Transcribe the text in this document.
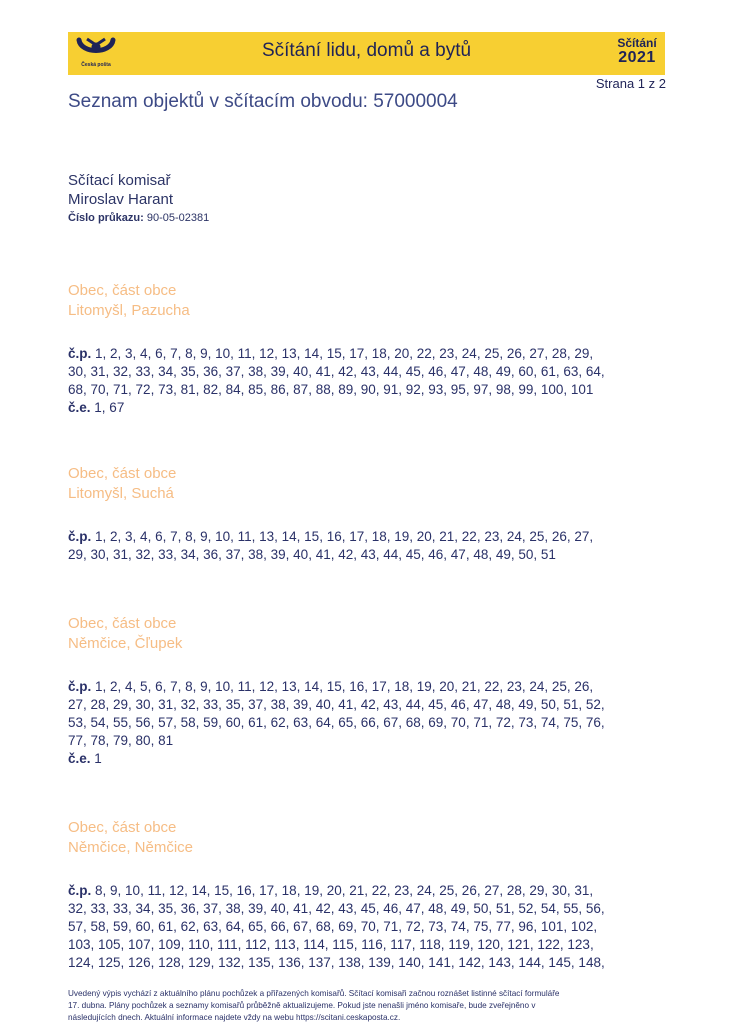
Česká pošta
Sčítání lidu, domů a bytů	Sčítání
2021
Strana 1 z 2
Seznam objektů v sčítacím obvodu: 57000004
Sčítací komisař
Miroslav Harant
Číslo průkazu: 90-05-02381
Obec, část obce
Litomyšl, Pazucha
č.p. 1, 2, 3, 4, 6, 7, 8, 9, 10, 11, 12, 13, 14, 15, 17, 18, 20, 22, 23, 24, 25, 26, 27, 28, 29,
30, 31, 32, 33, 34, 35, 36, 37, 38, 39, 40, 41, 42, 43, 44, 45, 46, 47, 48, 49, 60, 61, 63, 64,
68, 70, 71, 72, 73, 81, 82, 84, 85, 86, 87, 88, 89, 90, 91, 92, 93, 95, 97, 98, 99, 100, 101
č.e. 1, 67
Obec, část obce
Litomyšl, Suchá
č.p. 1, 2, 3, 4, 6, 7, 8, 9, 10, 11, 13, 14, 15, 16, 17, 18, 19, 20, 21, 22, 23, 24, 25, 26, 27,
29, 30, 31, 32, 33, 34, 36, 37, 38, 39, 40, 41, 42, 43, 44, 45, 46, 47, 48, 49, 50, 51
Obec, část obce
Němčice, Čľupek
č.p. 1, 2, 4, 5, 6, 7, 8, 9, 10, 11, 12, 13, 14, 15, 16, 17, 18, 19, 20, 21, 22, 23, 24, 25, 26,
27, 28, 29, 30, 31, 32, 33, 35, 37, 38, 39, 40, 41, 42, 43, 44, 45, 46, 47, 48, 49, 50, 51, 52,
53, 54, 55, 56, 57, 58, 59, 60, 61, 62, 63, 64, 65, 66, 67, 68, 69, 70, 71, 72, 73, 74, 75, 76,
77, 78, 79, 80, 81
č.e. 1
Obec, část obce
Němčice, Němčice
č.p. 8, 9, 10, 11, 12, 14, 15, 16, 17, 18, 19, 20, 21, 22, 23, 24, 25, 26, 27, 28, 29, 30, 31,
32, 33, 33, 34, 35, 36, 37, 38, 39, 40, 41, 42, 43, 45, 46, 47, 48, 49, 50, 51, 52, 54, 55, 56,
57, 58, 59, 60, 61, 62, 63, 64, 65, 66, 67, 68, 69, 70, 71, 72, 73, 74, 75, 77, 96, 101, 102,
103, 105, 107, 109, 110, 111, 112, 113, 114, 115, 116, 117, 118, 119, 120, 121, 122, 123,
124, 125, 126, 128, 129, 132, 135, 136, 137, 138, 139, 140, 141, 142, 143, 144, 145, 148,
Uvedený výpis vychází z aktuálního plánu pochůzek a přiřazených komisařů. Sčítací komisaři začnou roznášet listinné sčítací formuláře
17. dubna. Plány pochůzek a seznamy komisařů průběžně aktualizujeme. Pokud jste nenašli jméno komisaře, bude zveřejněno v
následujících dnech. Aktuální informace najdete vždy na webu https://scitani.ceskaposta.cz.
